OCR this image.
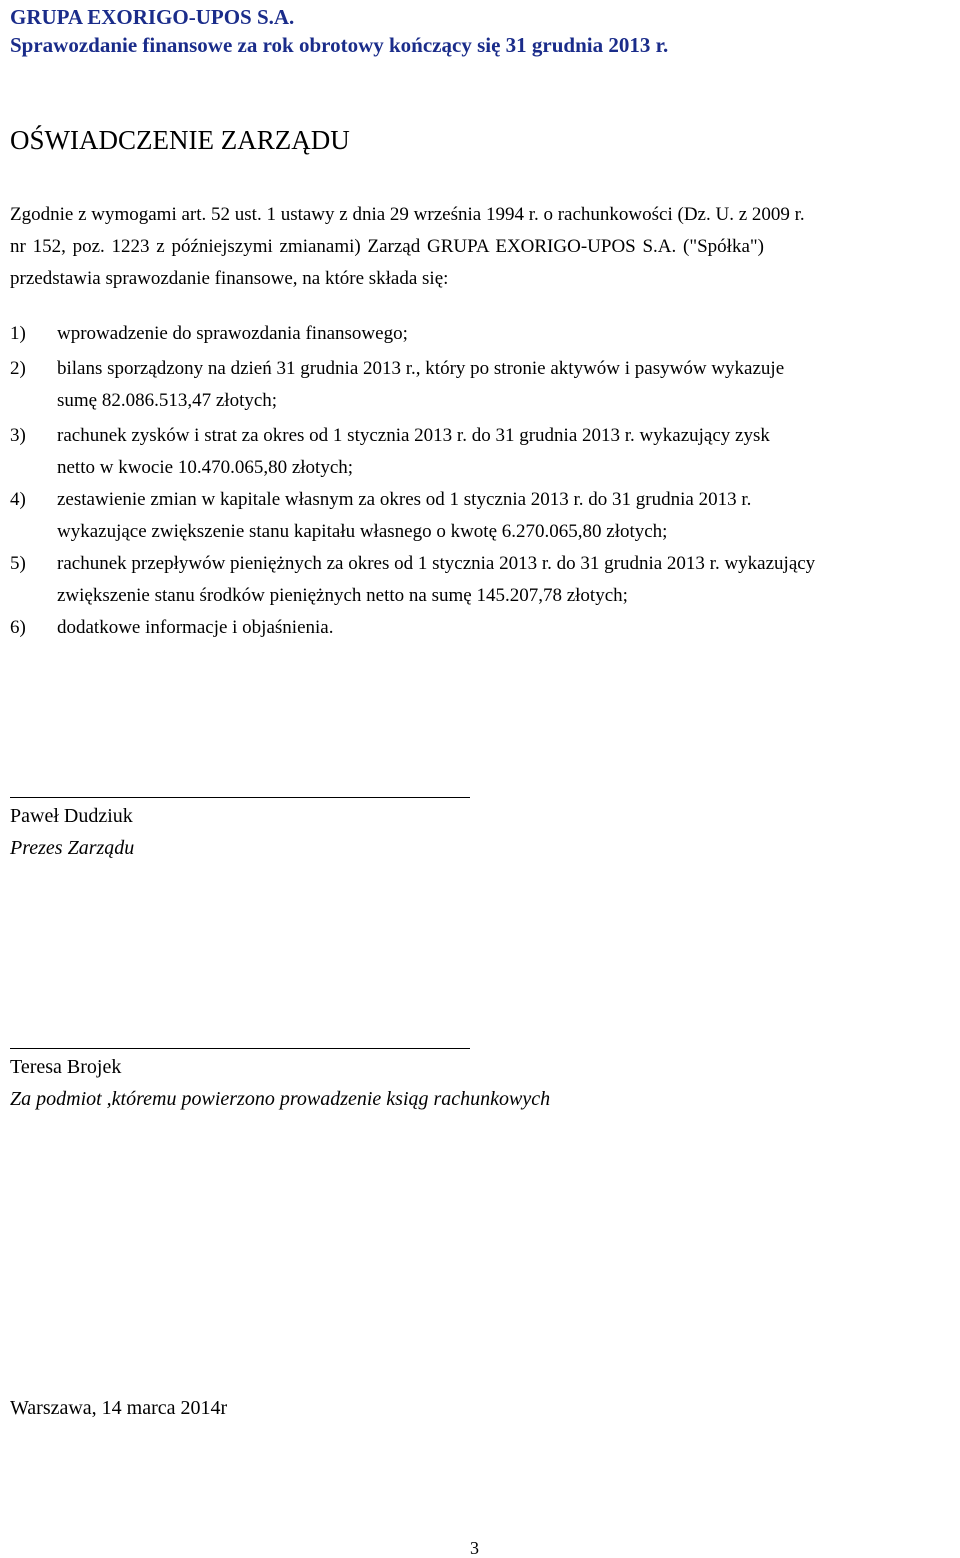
GRUPA EXORIGO-UPOS S.A.
Sprawozdanie finansowe za rok obrotowy kończący się 31 grudnia 2013 r.
OŚWIADCZENIE ZARZĄDU
Zgodnie z wymogami art. 52 ust. 1 ustawy z dnia 29 września 1994 r. o rachunkowości (Dz. U. z 2009 r.
nr 152, poz. 1223 z późniejszymi zmianami) Zarząd GRUPA EXORIGO-UPOS S.A. ("Spółka")
przedstawia sprawozdanie finansowe, na które składa się:
1) wprowadzenie do sprawozdania finansowego;
2) bilans sporządzony na dzień 31 grudnia 2013 r., który po stronie aktywów i pasywów wykazuje
sumę 82.086.513,47 złotych;
3) rachunek zysków i strat za okres od 1 stycznia 2013 r. do 31 grudnia 2013 r. wykazujący zysk
netto w kwocie 10.470.065,80 złotych;
4) zestawienie zmian w kapitale własnym za okres od 1 stycznia 2013 r. do 31 grudnia 2013 r.
wykazujące zwiększenie stanu kapitału własnego o kwotę 6.270.065,80 złotych;
5) rachunek przepływów pieniężnych za okres od 1 stycznia 2013 r. do 31 grudnia 2013 r. wykazujący
zwiększenie stanu środków pieniężnych netto na sumę 145.207,78 złotych;
6) dodatkowe informacje i objaśnienia.
Paweł Dudziuk
Prezes Zarządu
Teresa Brojek
Za podmiot ,któremu powierzono prowadzenie ksiąg rachunkowych
Warszawa, 14 marca 2014r
3
